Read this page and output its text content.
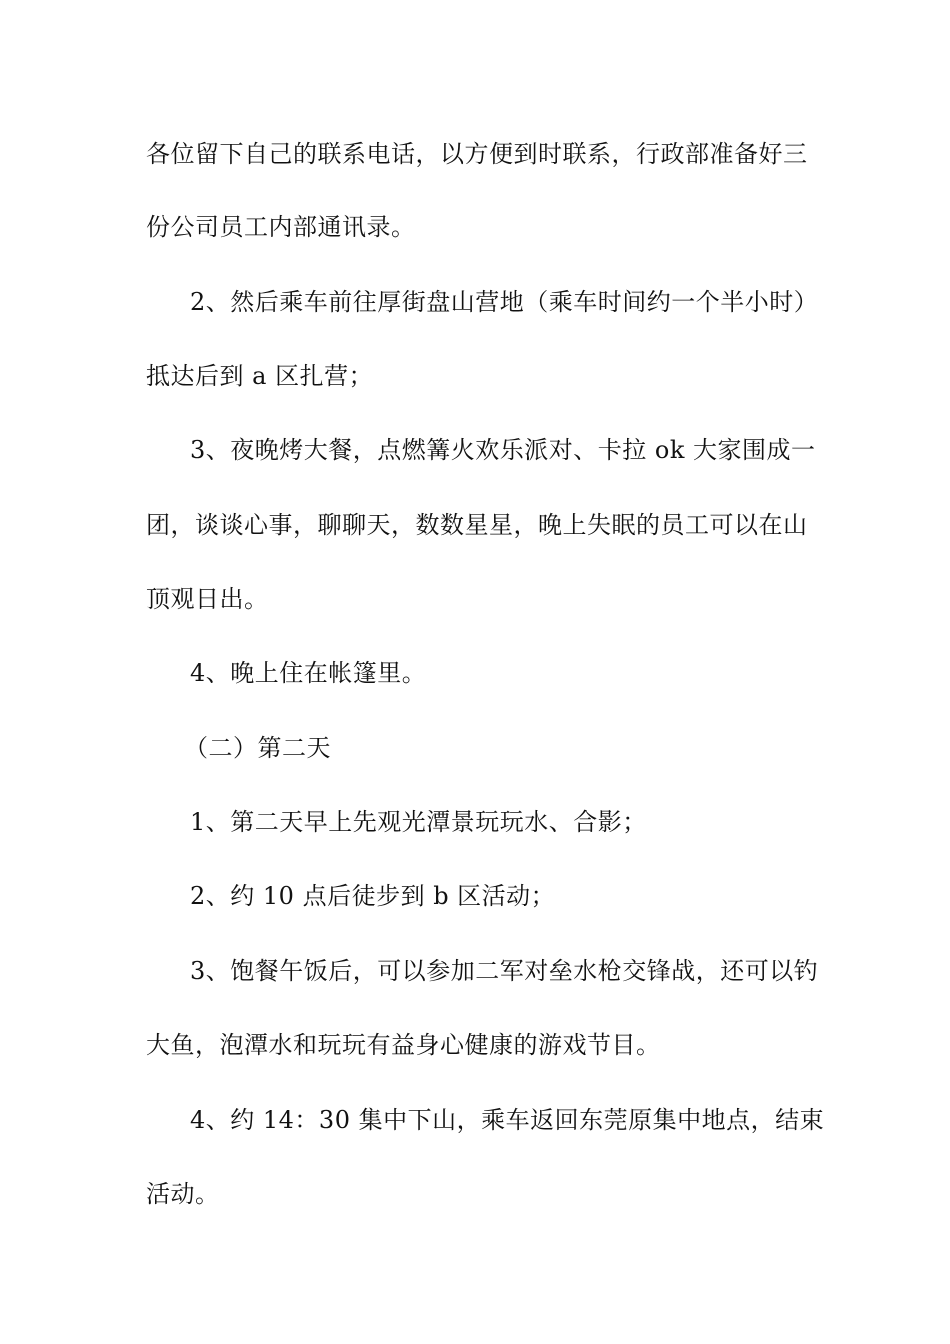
各位留下自己的联系电话，以方便到时联系，行政部准备好三
份公司员工内部通讯录。
2、然后乘车前往厚街盘山营地（乘车时间约一个半小时）
抵达后到 a 区扎营；
3、夜晚烤大餐，点燃篝火欢乐派对、卡拉 ok 大家围成一
团，谈谈心事，聊聊天，数数星星，晚上失眠的员工可以在山
顶观日出。
4、晚上住在帐篷里。
（二）第二天
1、第二天早上先观光潭景玩玩水、合影；
2、约 10 点后徒步到 b 区活动；
3、饱餐午饭后，可以参加二军对垒水枪交锋战，还可以钓
大鱼，泡潭水和玩玩有益身心健康的游戏节目。
4、约 14：30 集中下山，乘车返回东莞原集中地点，结束
活动。
